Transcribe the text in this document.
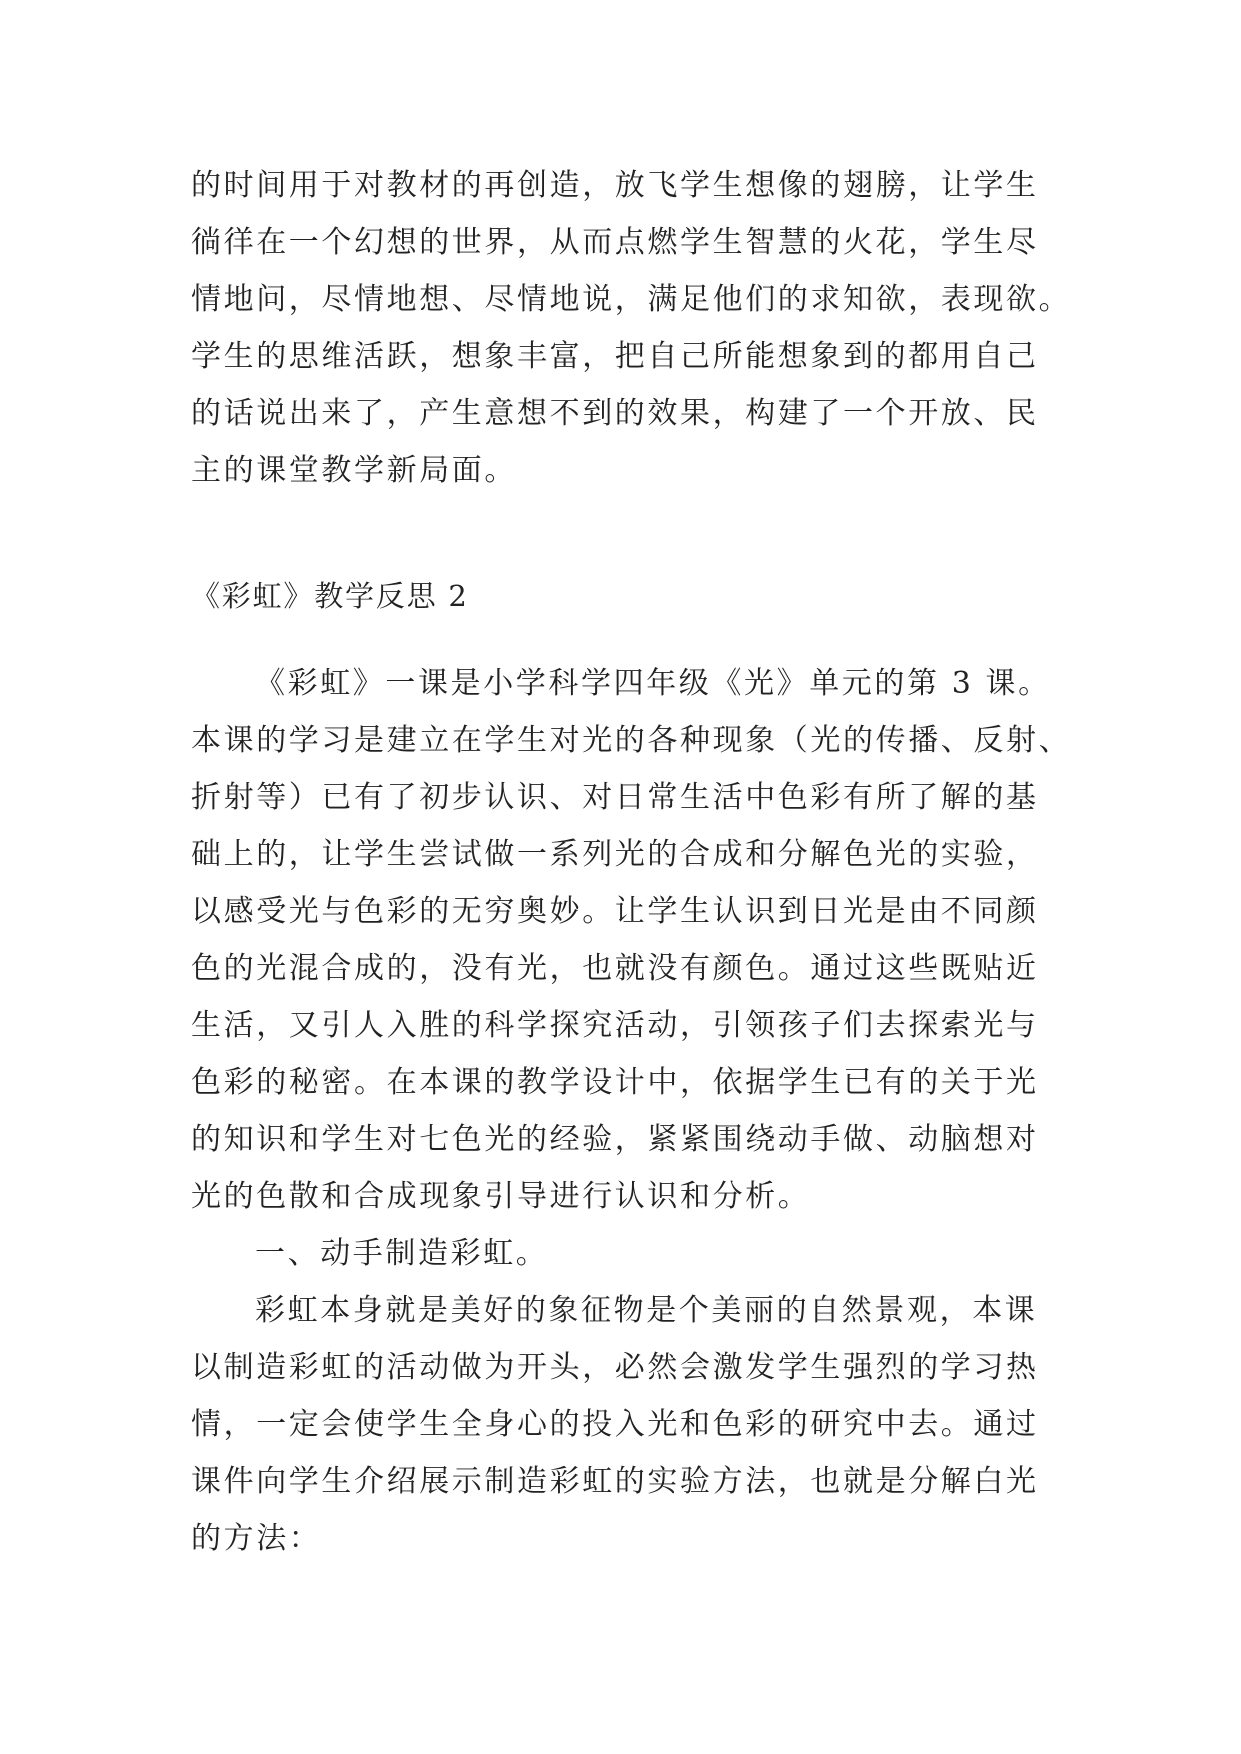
的时间用于对教材的再创造，放飞学生想像的翅膀，让学生
徜徉在一个幻想的世界，从而点燃学生智慧的火花，学生尽
情地问，尽情地想、尽情地说，满足他们的求知欲，表现欲。
学生的思维活跃，想象丰富，把自己所能想象到的都用自己
的话说出来了，产生意想不到的效果，构建了一个开放、民
主的课堂教学新局面。
《彩虹》教学反思 2
《彩虹》一课是小学科学四年级《光》单元的第 3 课。
本课的学习是建立在学生对光的各种现象（光的传播、反射、
折射等）已有了初步认识、对日常生活中色彩有所了解的基
础上的，让学生尝试做一系列光的合成和分解色光的实验，
以感受光与色彩的无穷奥妙。让学生认识到日光是由不同颜
色的光混合成的，没有光，也就没有颜色。通过这些既贴近
生活，又引人入胜的科学探究活动，引领孩子们去探索光与
色彩的秘密。在本课的教学设计中，依据学生已有的关于光
的知识和学生对七色光的经验，紧紧围绕动手做、动脑想对
光的色散和合成现象引导进行认识和分析。
一、动手制造彩虹。
彩虹本身就是美好的象征物是个美丽的自然景观，本课
以制造彩虹的活动做为开头，必然会激发学生强烈的学习热
情，一定会使学生全身心的投入光和色彩的研究中去。通过
课件向学生介绍展示制造彩虹的实验方法，也就是分解白光
的方法：
